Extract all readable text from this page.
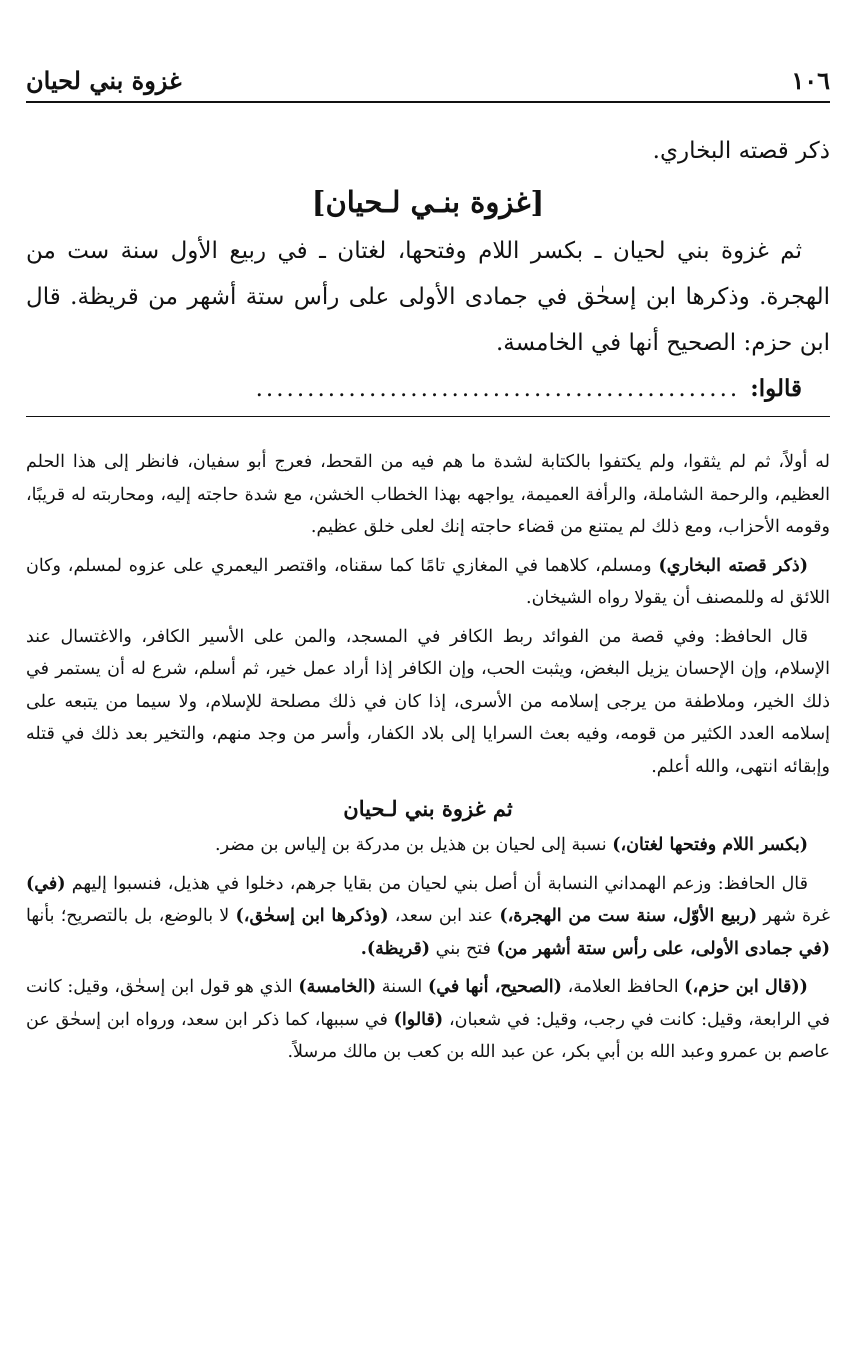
١٠٦
غزوة بني لحيان

ذكر قصته البخاري.

[غزوة بنـي لـحيان]

ثم غزوة بني لحيان ـ بكسر اللام وفتحها، لغتان ـ في ربيع الأول سنة ست من الهجرة. وذكرها ابن إسحٰق في جمادى الأولى على رأس ستة أشهر من قريظة. قال ابن حزم: الصحيح أنها في الخامسة.

قالوا:
...............................................

له أولاً، ثم لم يثقوا، ولم يكتفوا بالكتابة لشدة ما هم فيه من القحط، فعرج أبو سفيان، فانظر إلى هذا الحلم العظيم، والرحمة الشاملة، والرأفة العميمة، يواجهه بهذا الخطاب الخشن، مع شدة حاجته إليه، ومحاربته له قريبًا، وقومه الأحزاب، ومع ذلك لم يمتنع من قضاء حاجته إنك لعلى خلق عظيم.

(ذكر قصته البخاري) ومسلم، كلاهما في المغازي تامًا كما سقناه، واقتصر اليعمري على عزوه لمسلم، وكان اللائق له وللمصنف أن يقولا رواه الشيخان.

قال الحافظ: وفي قصة من الفوائد ربط الكافر في المسجد، والمن على الأسير الكافر، والاغتسال عند الإسلام، وإن الإحسان يزيل البغض، ويثبت الحب، وإن الكافر إذا أراد عمل خير، ثم أسلم، شرع له أن يستمر في ذلك الخير، وملاطفة من يرجى إسلامه من الأسرى، إذا كان في ذلك مصلحة للإسلام، ولا سيما من يتبعه على إسلامه العدد الكثير من قومه، وفيه بعث السرايا إلى بلاد الكفار، وأسر من وجد منهم، والتخير بعد ذلك في قتله وإبقائه انتهى، والله أعلم.

ثم غزوة بني لـحيان

(بكسر اللام وفتحها لغتان،) نسبة إلى لحيان بن هذيل بن مدركة بن إلياس بن مضر.

قال الحافظ: وزعم الهمداني النسابة أن أصل بني لحيان من بقايا جرهم، دخلوا في هذيل، فنسبوا إليهم (في) غرة شهر (ربيع الأوّل، سنة ست من الهجرة،) عند ابن سعد، (وذكرها ابن إسحٰق،) لا بالوضع، بل بالتصريح؛ بأنها (في جمادى الأولى، على رأس ستة أشهر من) فتح بني (قريظة).

((قال ابن حزم،) الحافظ العلامة، (الصحيح، أنها في) السنة (الخامسة) الذي هو قول ابن إسحٰق، وقيل: كانت في الرابعة، وقيل: كانت في رجب، وقيل: في شعبان، (قالوا) في سببها، كما ذكر ابن سعد، ورواه ابن إسحٰق عن عاصم بن عمرو وعبد الله بن أبي بكر، عن عبد الله بن كعب بن مالك مرسلاً.
